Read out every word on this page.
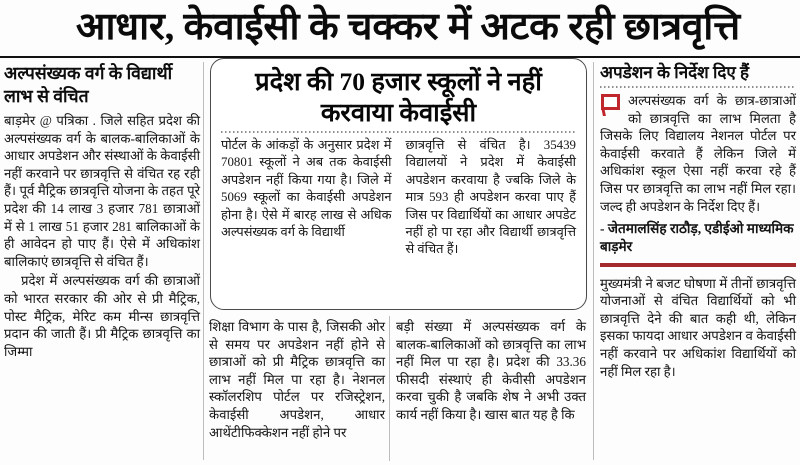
आधार, केवाईसी के चक्कर में अटक रही छात्रवृत्ति
अल्पसंख्यक वर्ग के विद्यार्थी लाभ से वंचित

बाड़मेर @ पत्रिका . जिले सहित प्रदेश की अल्पसंख्यक वर्ग के बालक-बालिकाओं के आधार अपडेशन और संस्थाओं के केवाईसी नहीं करवाने पर छात्रवृत्ति से वंचित रह रही हैं। पूर्व मैट्रिक छात्रवृत्ति योजना के तहत पूरे प्रदेश की 14 लाख 3 हजार 781 छात्राओं में से 1 लाख 51 हजार 281 बालिकाओं के ही आवेदन हो पाए हैं। ऐसे में अधिकांश बालिकाएं छात्रवृत्ति से वंचित हैं।

प्रदेश में अल्पसंख्यक वर्ग की छात्राओं को भारत सरकार की ओर से प्री मैट्रिक, पोस्ट मैट्रिक, मेरिट कम मीन्स छात्रवृत्ति प्रदान की जाती हैं। प्री मैट्रिक छात्रवृत्ति का जिम्मा

प्रदेश की 70 हजार स्कूलों ने नहीं करवाया केवाईसी

पोर्टल के आंकड़ों के अनुसार प्रदेश में 70801 स्कूलों ने अब तक केवाईसी अपडेशन नहीं किया गया है। जिले में 5069 स्कूलों का केवाईसी अपडेशन होना है। ऐसे में बारह लाख से अधिक अल्पसंख्यक वर्ग के विद्यार्थी

छात्रवृत्ति से वंचित है। 35439 विद्यालयों ने प्रदेश में केवाईसी अपडेशन करवाया है ज्बकि जिले के मात्र 593 ही अपडेशन करवा पाए हैं जिस पर विद्यार्थियों का आधार अपडेट नहीं हो पा रहा और विद्यार्थी छात्रवृत्ति से वंचित हैं।

शिक्षा विभाग के पास है, जिसकी ओर से समय पर अपडेशन नहीं होने से छात्राओं को प्री मैट्रिक छात्रवृत्ति का लाभ नहीं मिल पा रहा है। नेशनल स्कॉलरशिप पोर्टल पर रजिस्ट्रेशन, केवाईसी अपडेशन, आधार आथेंटीफिक्केशन नहीं होने पर

बड़ी संख्या में अल्पसंख्यक वर्ग के बालक-बालिकाओं को छात्रवृत्ति का लाभ नहीं मिल पा रहा है। प्रदेश की 33.36 फीसदी संस्थाएं ही केवीसी अपडेशन करवा चुकी है जबकि शेष ने अभी उक्त कार्य नहीं किया है। खास बात यह है कि

अपडेशन के निर्देश दिए हैं

अल्पसंख्यक वर्ग के छात्र-छात्राओं को छात्रवृत्ति का लाभ मिलता है जिसके लिए विद्यालय नेशनल पोर्टल पर केवाईसी करवाते हैं लेकिन जिले में अधिकांश स्कूल ऐसा नहीं करवा रहे हैं जिस पर छात्रवृत्ति का लाभ नहीं मिल रहा। जल्द ही अपडेशन के निर्देश दिए हैं।

- जेतमालसिंह राठौड़, एडीईओ माध्यमिक बाड़मेर

मुख्यमंत्री ने बजट घोषणा में तीनों छात्रवृत्ति योजनाओं से वंचित विद्यार्थियों को भी छात्रवृत्ति देने की बात कही थी, लेकिन इसका फायदा आधार अपडेशन व केवाईसी नहीं करवाने पर अधिकांश विद्यार्थियों को नहीं मिल रहा है।
